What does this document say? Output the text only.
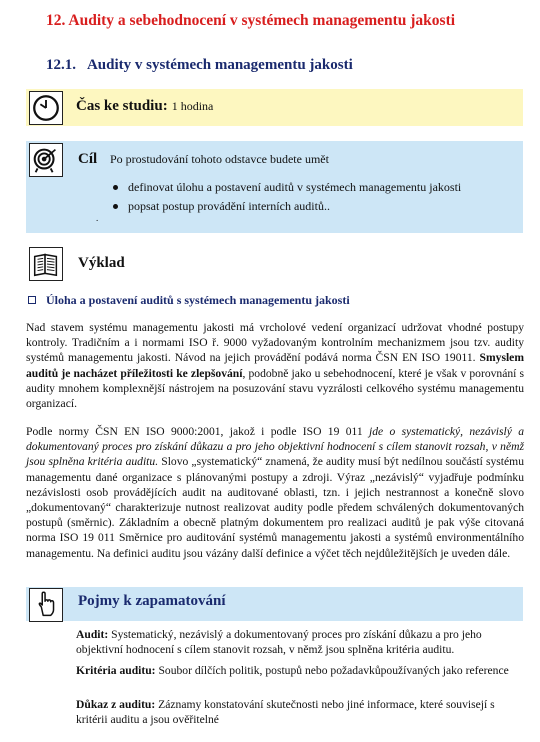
12. Audity a sebehodnocení v systémech managementu jakosti
12.1. Audity v systémech managementu jakosti
Čas ke studiu: 1 hodina
Cíl Po prostudování tohoto odstavce budete umět
definovat úlohu a postavení auditů v systémech managementu jakosti
popsat postup provádění interních auditů..
.
Výklad
Úloha a postavení auditů s systémech managementu jakosti
Nad stavem systému managementu jakosti má vrcholové vedení organizací udržovat vhodné postupy kontroly. Tradičním a i normami ISO ř. 9000 vyžadovaným kontrolním mechanizmem jsou tzv. audity systémů managementu jakosti. Návod na jejich provádění podává norma ČSN EN ISO 19011. Smyslem auditů je nacházet příležitosti ke zlepšování, podobně jako u sebehodnocení, které je však v porovnání s audity mnohem komplexnější nástrojem na posuzování stavu vyzrálosti celkového systému managementu organizací.
Podle normy ČSN EN ISO 9000:2001, jakož i podle ISO 19 011 jde o systematický, nezávislý a dokumentovaný proces pro získání důkazu a pro jeho objektivní hodnocení s cílem stanovit rozsah, v němž jsou splněna kritéria auditu. Slovo „systematický“ znamená, že audity musí být nedílnou součástí systému managementu dané organizace s plánovanými postupy a zdroji. Výraz „nezávislý“ vyjadřuje podmínku nezávislosti osob provádějících audit na auditované oblasti, tzn. i jejich nestrannost a konečně slovo „dokumentovaný“ charakterizuje nutnost realizovat audity podle předem schválených dokumentovaných postupů (směrnic). Základním a obecně platným dokumentem pro realizaci auditů je pak výše citovaná norma ISO 19 011 Směrnice pro auditování systémů managementu jakosti a systémů environmentálního managementu. Na definici auditu jsou vázány další definice a výčet těch nejdůležitějších je uveden dále.
Pojmy k zapamatování
Audit: Systematický, nezávislý a dokumentovaný proces pro získání důkazu a pro jeho objektivní hodnocení s cílem stanovit rozsah, v němž jsou splněna kritéria auditu.
Kritéria auditu: Soubor dílčích politik, postupů nebo požadavkůpoužívaných jako reference
Důkaz z auditu: Záznamy konstatování skutečnosti nebo jiné informace, které souvisejí s kritérii auditu a jsou ověřitelné
